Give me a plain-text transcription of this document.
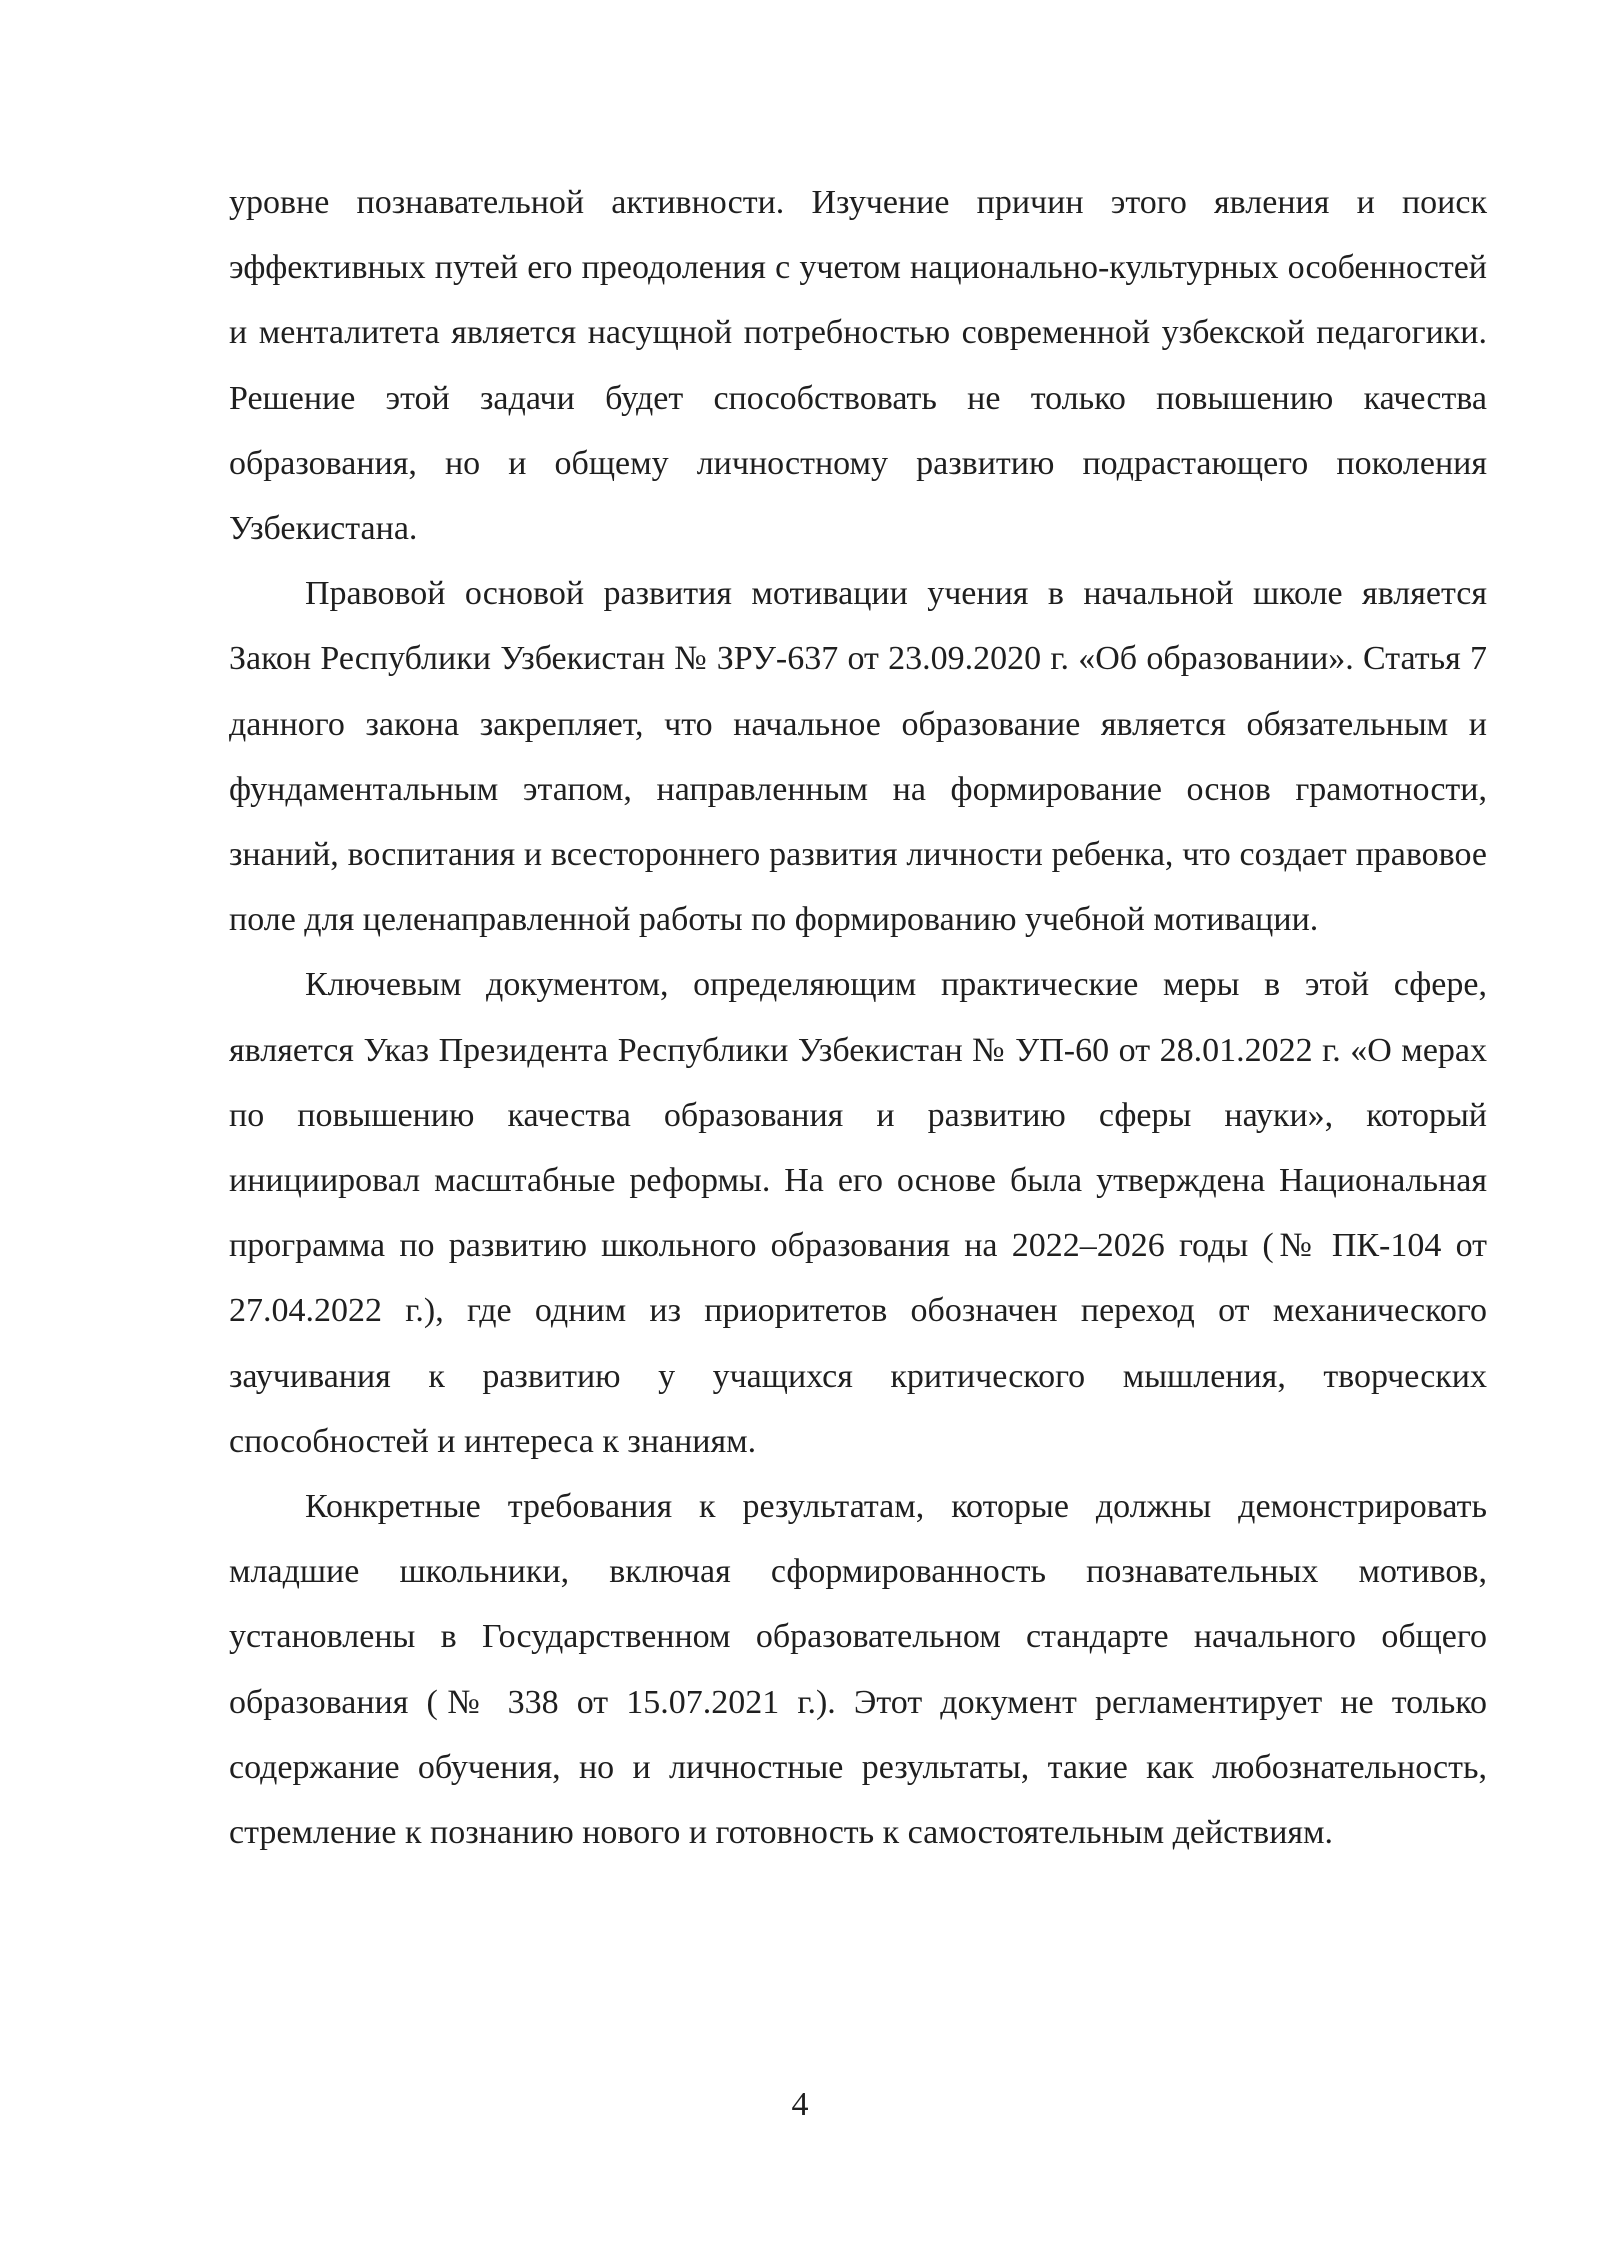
уровне познавательной активности. Изучение причин этого явления и поиск эффективных путей его преодоления с учетом национально-культурных особенностей и менталитета является насущной потребностью современной узбекской педагогики. Решение этой задачи будет способствовать не только повышению качества образования, но и общему личностному развитию подрастающего поколения Узбекистана.

Правовой основой развития мотивации учения в начальной школе является Закон Республики Узбекистан № ЗРУ-637 от 23.09.2020 г. «Об образовании». Статья 7 данного закона закрепляет, что начальное образование является обязательным и фундаментальным этапом, направленным на формирование основ грамотности, знаний, воспитания и всестороннего развития личности ребенка, что создает правовое поле для целенаправленной работы по формированию учебной мотивации.

Ключевым документом, определяющим практические меры в этой сфере, является Указ Президента Республики Узбекистан № УП-60 от 28.01.2022 г. «О мерах по повышению качества образования и развитию сферы науки», который инициировал масштабные реформы. На его основе была утверждена Национальная программа по развитию школьного образования на 2022–2026 годы (№ ПК-104 от 27.04.2022 г.), где одним из приоритетов обозначен переход от механического заучивания к развитию у учащихся критического мышления, творческих способностей и интереса к знаниям.

Конкретные требования к результатам, которые должны демонстрировать младшие школьники, включая сформированность познавательных мотивов, установлены в Государственном образовательном стандарте начального общего образования (№ 338 от 15.07.2021 г.). Этот документ регламентирует не только содержание обучения, но и личностные результаты, такие как любознательность, стремление к познанию нового и готовность к самостоятельным действиям.

4
